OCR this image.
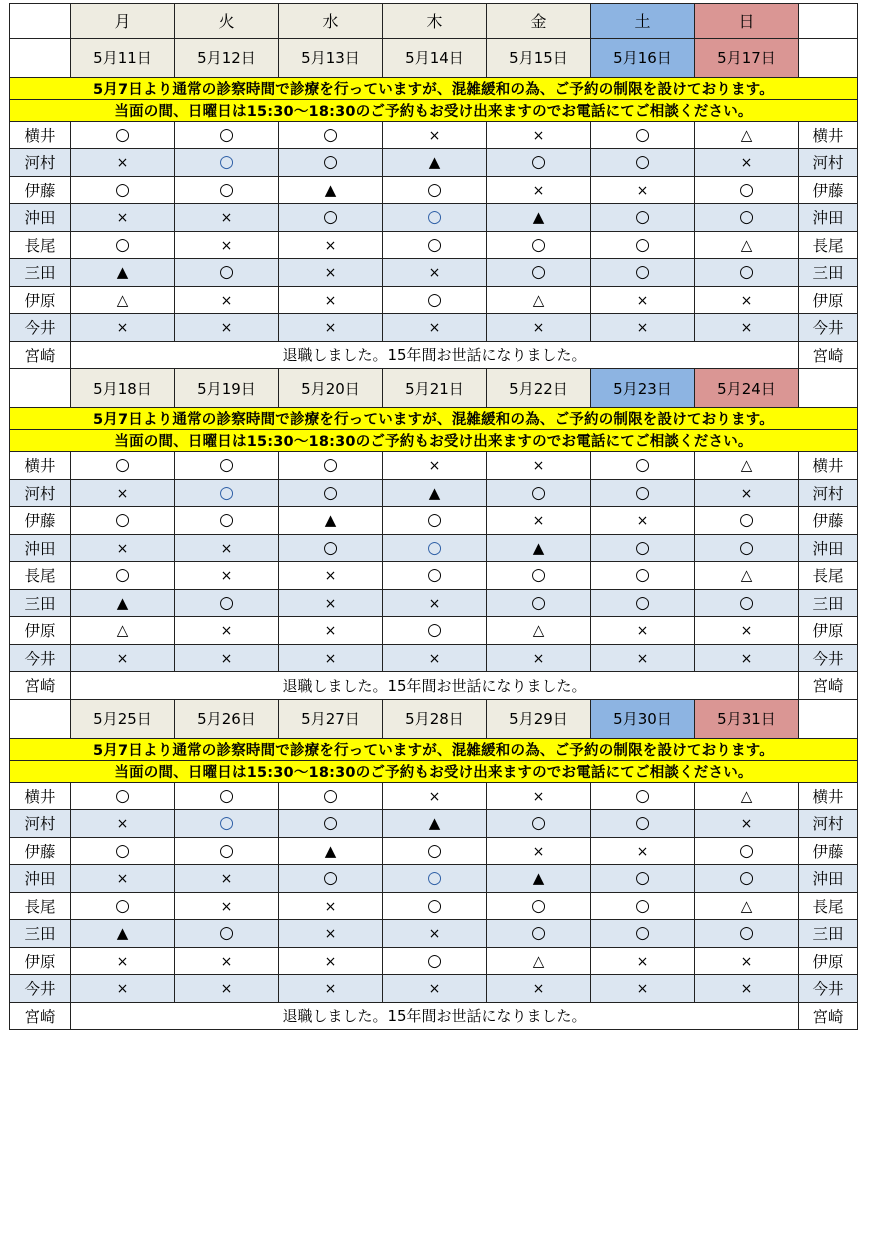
	月	火	水	木	金	土	日	
	5月11日	5月12日	5月13日	5月14日	5月15日	5月16日	5月17日	
5月7日より通常の診察時間で診療を行っていますが、混雑緩和の為、ご予約の制限を設けております。								
当面の間、日曜日は15:30〜18:30のご予約もお受け出来ますのでお電話にてご相談ください。								
横井	○	○	○	×	×	○	△	横井
河村	×	○	○	▲	○	○	×	河村
伊藤	○	○	▲	○	×	×	○	伊藤
沖田	×	×	○	○	▲	○	○	沖田
長尾	○	×	×	○	○	○	△	長尾
三田	▲	○	×	×	○	○	○	三田
伊原	△	×	×	○	△	×	×	伊原
今井	×	×	×	×	×	×	×	今井
宮崎	退職しました。15年間お世話になりました。							宮崎
	5月18日	5月19日	5月20日	5月21日	5月22日	5月23日	5月24日	
5月7日より通常の診察時間で診療を行っていますが、混雑緩和の為、ご予約の制限を設けております。								
当面の間、日曜日は15:30〜18:30のご予約もお受け出来ますのでお電話にてご相談ください。								
横井	○	○	○	×	×	○	△	横井
河村	×	○	○	▲	○	○	×	河村
伊藤	○	○	▲	○	×	×	○	伊藤
沖田	×	×	○	○	▲	○	○	沖田
長尾	○	×	×	○	○	○	△	長尾
三田	▲	○	×	×	○	○	○	三田
伊原	△	×	×	○	△	×	×	伊原
今井	×	×	×	×	×	×	×	今井
宮崎	退職しました。15年間お世話になりました。							宮崎
	5月25日	5月26日	5月27日	5月28日	5月29日	5月30日	5月31日	
5月7日より通常の診察時間で診療を行っていますが、混雑緩和の為、ご予約の制限を設けております。								
当面の間、日曜日は15:30〜18:30のご予約もお受け出来ますのでお電話にてご相談ください。								
横井	○	○	○	×	×	○	△	横井
河村	×	○	○	▲	○	○	×	河村
伊藤	○	○	▲	○	×	×	○	伊藤
沖田	×	×	○	○	▲	○	○	沖田
長尾	○	×	×	○	○	○	△	長尾
三田	▲	○	×	×	○	○	○	三田
伊原	×	×	×	○	△	×	×	伊原
今井	×	×	×	×	×	×	×	今井
宮崎	退職しました。15年間お世話になりました。							宮崎
